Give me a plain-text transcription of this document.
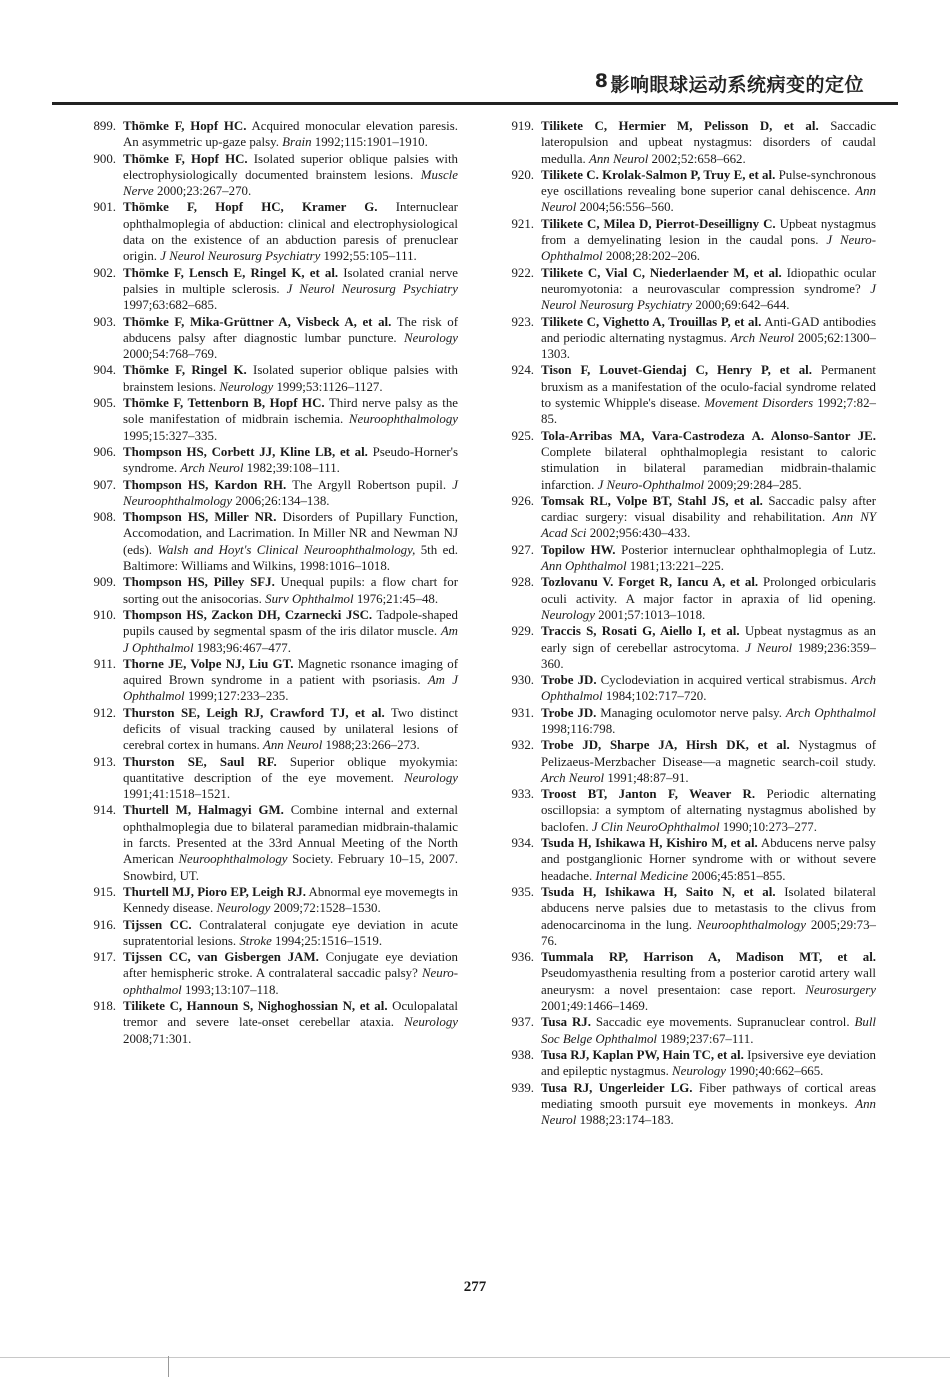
8 影响眼球运动系统病变的定位
899. Thömke F, Hopf HC. Acquired monocular elevation paresis. An asymmetric up-gaze palsy. Brain 1992;115:1901–1910.
900. Thömke F, Hopf HC. Isolated superior oblique palsies with electrophysiologically documented brainstem lesions. Muscle Nerve 2000;23:267–270.
901. Thömke F, Hopf HC, Kramer G. Internuclear ophthalmoplegia of abduction: clinical and electrophysiological data on the existence of an abduction paresis of prenuclear origin. J Neurol Neurosurg Psychiatry 1992;55:105–111.
902. Thömke F, Lensch E, Ringel K, et al. Isolated cranial nerve palsies in multiple sclerosis. J Neurol Neurosurg Psychiatry 1997;63:682–685.
903. Thömke F, Mika-Grüttner A, Visbeck A, et al. The risk of abducens palsy after diagnostic lumbar puncture. Neurology 2000;54:768–769.
904. Thömke F, Ringel K. Isolated superior oblique palsies with brainstem lesions. Neurology 1999;53:1126–1127.
905. Thömke F, Tettenborn B, Hopf HC. Third nerve palsy as the sole manifestation of midbrain ischemia. Neuroophthalmology 1995;15:327–335.
906. Thompson HS, Corbett JJ, Kline LB, et al. Pseudo-Horner's syndrome. Arch Neurol 1982;39:108–111.
907. Thompson HS, Kardon RH. The Argyll Robertson pupil. J Neuroophthalmology 2006;26:134–138.
908. Thompson HS, Miller NR. Disorders of Pupillary Function, Accomodation, and Lacrimation. In Miller NR and Newman NJ (eds). Walsh and Hoyt's Clinical Neuroophthalmology, 5th ed. Baltimore: Williams and Wilkins, 1998:1016–1018.
909. Thompson HS, Pilley SFJ. Unequal pupils: a flow chart for sorting out the anisocorias. Surv Ophthalmol 1976;21:45–48.
910. Thompson HS, Zackon DH, Czarnecki JSC. Tadpole-shaped pupils caused by segmental spasm of the iris dilator muscle. Am J Ophthalmol 1983;96:467–477.
911. Thorne JE, Volpe NJ, Liu GT. Magnetic rsonance imaging of aquired Brown syndrome in a patient with psoriasis. Am J Ophthalmol 1999;127:233–235.
912. Thurston SE, Leigh RJ, Crawford TJ, et al. Two distinct deficits of visual tracking caused by unilateral lesions of cerebral cortex in humans. Ann Neurol 1988;23:266–273.
913. Thurston SE, Saul RF. Superior oblique myokymia: quantitative description of the eye movement. Neurology 1991;41:1518–1521.
914. Thurtell M, Halmagyi GM. Combine internal and external ophthalmoplegia due to bilateral paramedian midbrain-thalamic in farcts. Presented at the 33rd Annual Meeting of the North American Neuroophthalmology Society. February 10–15, 2007. Snowbird, UT.
915. Thurtell MJ, Pioro EP, Leigh RJ. Abnormal eye movemegts in Kennedy disease. Neurology 2009;72:1528–1530.
916. Tijssen CC. Contralateral conjugate eye deviation in acute supratentorial lesions. Stroke 1994;25:1516–1519.
917. Tijssen CC, van Gisbergen JAM. Conjugate eye deviation after hemispheric stroke. A contralateral saccadic palsy? Neuro-ophthalmol 1993;13:107–118.
918. Tilikete C, Hannoun S, Nighoghossian N, et al. Oculopalatal tremor and severe late-onset cerebellar ataxia. Neurology 2008;71:301.
919. Tilikete C, Hermier M, Pelisson D, et al. Saccadic lateropulsion and upbeat nystagmus: disorders of caudal medulla. Ann Neurol 2002;52:658–662.
920. Tilikete C. Krolak-Salmon P, Truy E, et al. Pulse-synchronous eye oscillations revealing bone superior canal dehiscence. Ann Neurol 2004;56:556–560.
921. Tilikete C, Milea D, Pierrot-Deseilligny C. Upbeat nystagmus from a demyelinating lesion in the caudal pons. J Neuro-Ophthalmol 2008;28:202–206.
922. Tilikete C, Vial C, Niederlaender M, et al. Idiopathic ocular neuromyotonia: a neurovascular compression syndrome? J Neurol Neurosurg Psychiatry 2000;69:642–644.
923. Tilikete C, Vighetto A, Trouillas P, et al. Anti-GAD antibodies and periodic alternating nystagmus. Arch Neurol 2005;62:1300–1303.
924. Tison F, Louvet-Giendaj C, Henry P, et al. Permanent bruxism as a manifestation of the oculo-facial syndrome related to systemic Whipple's disease. Movement Disorders 1992;7:82–85.
925. Tola-Arribas MA, Vara-Castrodeza A. Alonso-Santor JE. Complete bilateral ophthalmoplegia resistant to caloric stimulation in bilateral paramedian midbrain-thalamic infarction. J Neuro-Ophthalmol 2009;29:284–285.
926. Tomsak RL, Volpe BT, Stahl JS, et al. Saccadic palsy after cardiac surgery: visual disability and rehabilitation. Ann NY Acad Sci 2002;956:430–433.
927. Topilow HW. Posterior internuclear ophthalmoplegia of Lutz. Ann Ophthalmol 1981;13:221–225.
928. Tozlovanu V. Forget R, Iancu A, et al. Prolonged orbicularis oculi activity. A major factor in apraxia of lid opening. Neurology 2001;57:1013–1018.
929. Traccis S, Rosati G, Aiello I, et al. Upbeat nystagmus as an early sign of cerebellar astrocytoma. J Neurol 1989;236:359–360.
930. Trobe JD. Cyclodeviation in acquired vertical strabismus. Arch Ophthalmol 1984;102:717–720.
931. Trobe JD. Managing oculomotor nerve palsy. Arch Ophthalmol 1998;116:798.
932. Trobe JD, Sharpe JA, Hirsh DK, et al. Nystagmus of Pelizaeus-Merzbacher Disease—a magnetic search-coil study. Arch Neurol 1991;48:87–91.
933. Troost BT, Janton F, Weaver R. Periodic alternating oscillopsia: a symptom of alternating nystagmus abolished by baclofen. J Clin NeuroOphthalmol 1990;10:273–277.
934. Tsuda H, Ishikawa H, Kishiro M, et al. Abducens nerve palsy and postganglionic Horner syndrome with or without severe headache. Internal Medicine 2006;45:851–855.
935. Tsuda H, Ishikawa H, Saito N, et al. Isolated bilateral abducens nerve palsies due to metastasis to the clivus from adenocarcinoma in the lung. Neuroophthalmology 2005;29:73–76.
936. Tummala RP, Harrison A, Madison MT, et al. Pseudomyasthenia resulting from a posterior carotid artery wall aneurysm: a novel presentaion: case report. Neurosurgery 2001;49:1466–1469.
937. Tusa RJ. Saccadic eye movements. Supranuclear control. Bull Soc Belge Ophthalmol 1989;237:67–111.
938. Tusa RJ, Kaplan PW, Hain TC, et al. Ipsiversive eye deviation and epileptic nystagmus. Neurology 1990;40:662–665.
939. Tusa RJ, Ungerleider LG. Fiber pathways of cortical areas mediating smooth pursuit eye movements in monkeys. Ann Neurol 1988;23:174–183.
277
